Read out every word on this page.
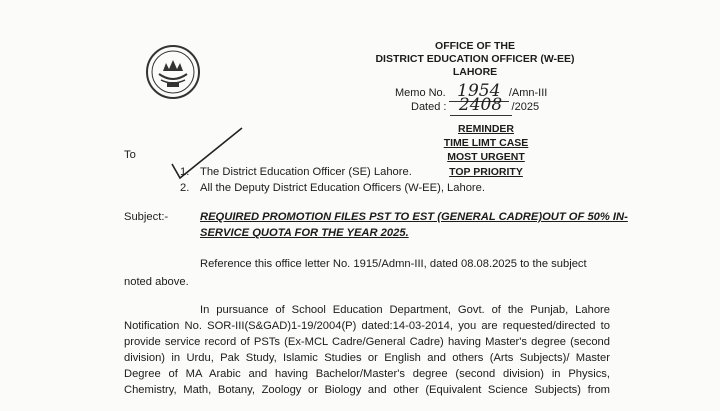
OFFICE OF THE
DISTRICT EDUCATION OFFICER (W-EE)
LAHORE
Memo No. 1954 /Amn-III
Dated : 2408 /2025
REMINDER
TIME LIMT CASE
MOST URGENT
TOP PRIORITY
To
1. The District Education Officer (SE) Lahore.
2. All the Deputy District Education Officers (W-EE), Lahore.
Subject:-	REQUIRED PROMOTION FILES PST TO EST (GENERAL CADRE)OUT OF 50% IN-
SERVICE QUOTA FOR THE YEAR 2025.
Reference this office letter No. 1915/Admn-III, dated 08.08.2025 to the subject
noted above.
In pursuance of School Education Department, Govt. of the Punjab, Lahore
Notification No. SOR-III(S&GAD)1-19/2004(P) dated:14-03-2014, you are requested/directed to
provide service record of PSTs (Ex-MCL Cadre/General Cadre) having Master's degree (second
division) in Urdu, Pak Study, Islamic Studies or English and others (Arts Subjects)/ Master
Degree of MA Arabic and having Bachelor/Master's degree (second division) in Physics,
Chemistry, Math, Botany, Zoology or Biology and other (Equivalent Science Subjects) from
